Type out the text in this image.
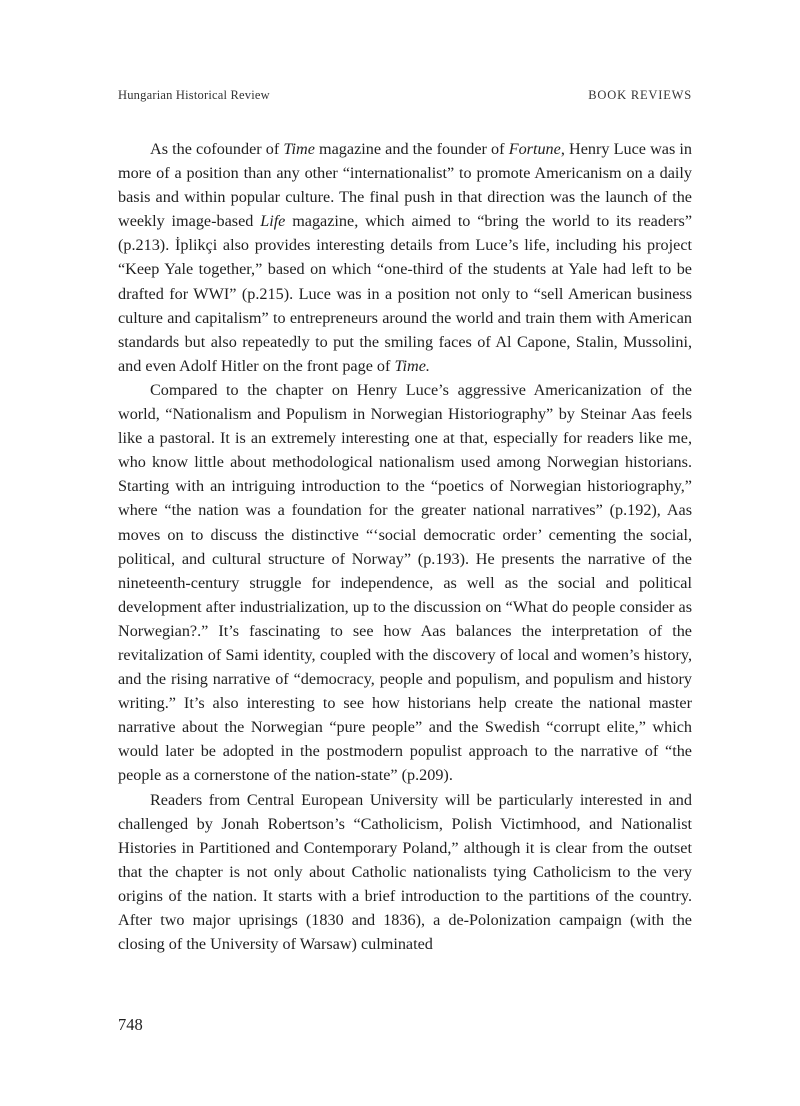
Hungarian Historical Review	BOOK REVIEWS

As the cofounder of Time magazine and the founder of Fortune, Henry Luce was in more of a position than any other “internationalist” to promote Americanism on a daily basis and within popular culture. The final push in that direction was the launch of the weekly image-based Life magazine, which aimed to “bring the world to its readers” (p.213). İplikçi also provides interesting details from Luce’s life, including his project “Keep Yale together,” based on which “one-third of the students at Yale had left to be drafted for WWI” (p.215). Luce was in a position not only to “sell American business culture and capitalism” to entrepreneurs around the world and train them with American standards but also repeatedly to put the smiling faces of Al Capone, Stalin, Mussolini, and even Adolf Hitler on the front page of Time.

Compared to the chapter on Henry Luce’s aggressive Americanization of the world, “Nationalism and Populism in Norwegian Historiography” by Steinar Aas feels like a pastoral. It is an extremely interesting one at that, especially for readers like me, who know little about methodological nationalism used among Norwegian historians. Starting with an intriguing introduction to the “poetics of Norwegian historiography,” where “the nation was a foundation for the greater national narratives” (p.192), Aas moves on to discuss the distinctive “‘social democratic order’ cementing the social, political, and cultural structure of Norway” (p.193). He presents the narrative of the nineteenth-century struggle for independence, as well as the social and political development after industrialization, up to the discussion on “What do people consider as Norwegian?.” It’s fascinating to see how Aas balances the interpretation of the revitalization of Sami identity, coupled with the discovery of local and women’s history, and the rising narrative of “democracy, people and populism, and populism and history writing.” It’s also interesting to see how historians help create the national master narrative about the Norwegian “pure people” and the Swedish “corrupt elite,” which would later be adopted in the postmodern populist approach to the narrative of “the people as a cornerstone of the nation-state” (p.209).

Readers from Central European University will be particularly interested in and challenged by Jonah Robertson’s “Catholicism, Polish Victimhood, and Nationalist Histories in Partitioned and Contemporary Poland,” although it is clear from the outset that the chapter is not only about Catholic nationalists tying Catholicism to the very origins of the nation. It starts with a brief introduction to the partitions of the country. After two major uprisings (1830 and 1836), a de-Polonization campaign (with the closing of the University of Warsaw) culminated

748
